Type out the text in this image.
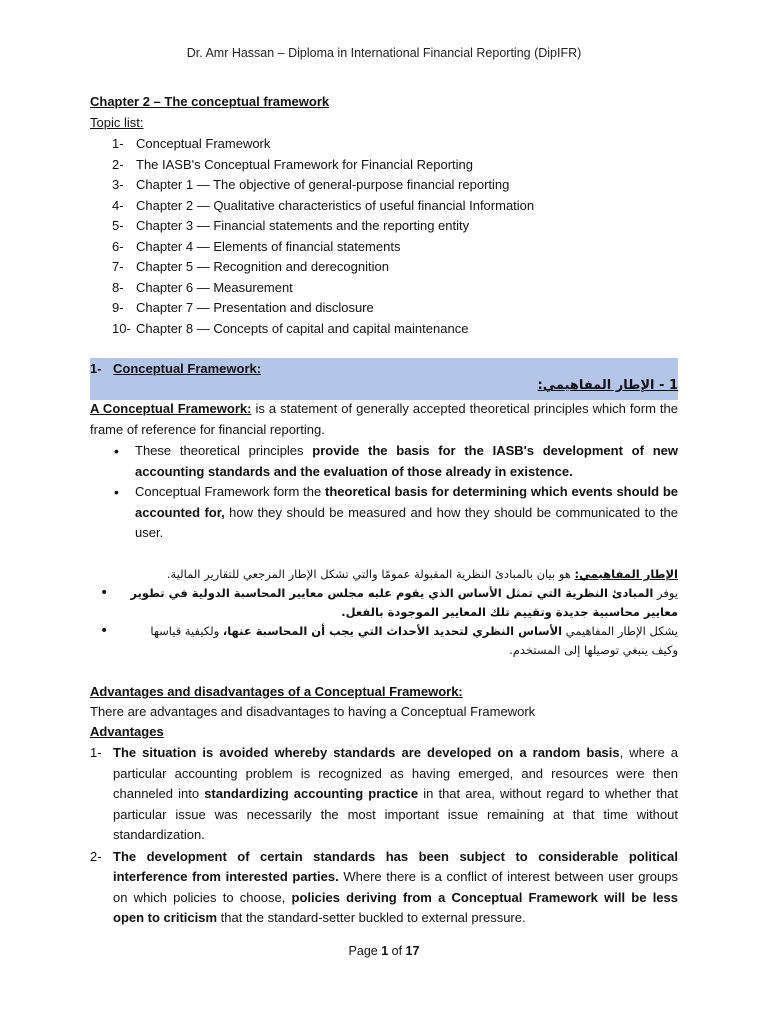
Dr. Amr Hassan – Diploma in International Financial Reporting (DipIFR)
Chapter 2 – The conceptual framework
Topic list:
1- Conceptual Framework
2- The IASB's Conceptual Framework for Financial Reporting
3- Chapter 1 — The objective of general-purpose financial reporting
4- Chapter 2 — Qualitative characteristics of useful financial Information
5- Chapter 3 — Financial statements and the reporting entity
6- Chapter 4 — Elements of financial statements
7- Chapter 5 — Recognition and derecognition
8- Chapter 6 — Measurement
9- Chapter 7 — Presentation and disclosure
10- Chapter 8 — Concepts of capital and capital maintenance
1- Conceptual Framework:
1 - الإطار المفاهيمي:
A Conceptual Framework: is a statement of generally accepted theoretical principles which form the frame of reference for financial reporting.
• These theoretical principles provide the basis for the IASB's development of new accounting standards and the evaluation of those already in existence.
• Conceptual Framework form the theoretical basis for determining which events should be accounted for, how they should be measured and how they should be communicated to the user.
الإطار المفاهيمي: هو بيان بالمبادئ النظرية المقبولة عمومًا والتي تشكل الإطار المرجعي للتقارير المالية.
• يوفر المبادئ النظرية التي تمثل الأساس الذي يقوم عليه مجلس معايير المحاسبة الدولية في تطوير معايير محاسبية جديدة وتقييم تلك المعايير الموجودة بالفعل.
• يشكل الإطار المفاهيمي الأساس النظري لتحديد الأحداث التي يجب أن المحاسبة عنها، ولكيفية قياسها وكيف ينبغي توصيلها إلى المستخدم.
Advantages and disadvantages of a Conceptual Framework:
There are advantages and disadvantages to having a Conceptual Framework
Advantages
1- The situation is avoided whereby standards are developed on a random basis, where a particular accounting problem is recognized as having emerged, and resources were then channeled into standardizing accounting practice in that area, without regard to whether that particular issue was necessarily the most important issue remaining at that time without standardization.
2- The development of certain standards has been subject to considerable political interference from interested parties. Where there is a conflict of interest between user groups on which policies to choose, policies deriving from a Conceptual Framework will be less open to criticism that the standard-setter buckled to external pressure.
Page 1 of 17
